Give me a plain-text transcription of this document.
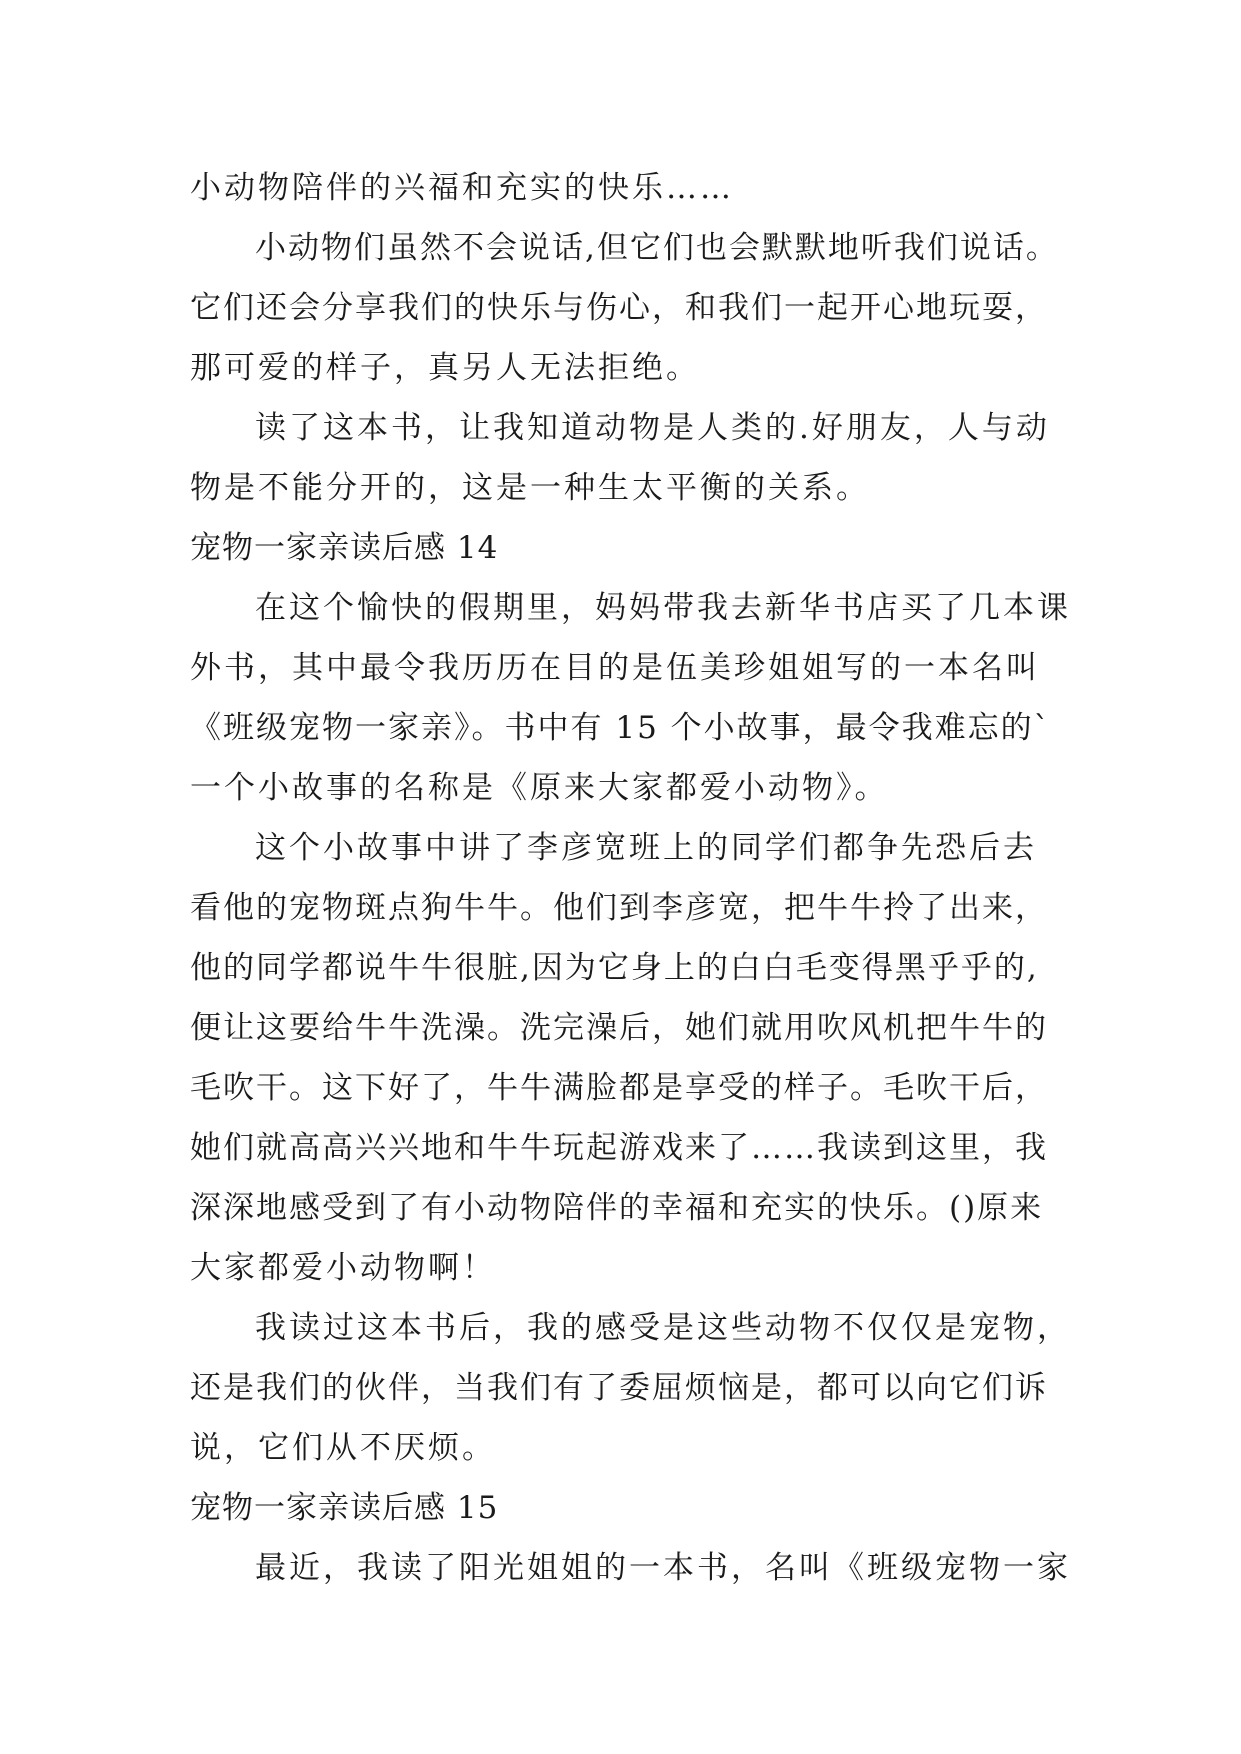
小动物陪伴的兴福和充实的快乐……
小动物们虽然不会说话,但它们也会默默地听我们说话。
它们还会分享我们的快乐与伤心，和我们一起开心地玩耍，
那可爱的样子，真另人无法拒绝。
读了这本书，让我知道动物是人类的.好朋友，人与动
物是不能分开的，这是一种生太平衡的关系。
宠物一家亲读后感 14
在这个愉快的假期里，妈妈带我去新华书店买了几本课
外书，其中最令我历历在目的是伍美珍姐姐写的一本名叫
《班级宠物一家亲》。书中有 15 个小故事，最令我难忘的`
一个小故事的名称是《原来大家都爱小动物》。
这个小故事中讲了李彦宽班上的同学们都争先恐后去
看他的宠物斑点狗牛牛。他们到李彦宽，把牛牛拎了出来，
他的同学都说牛牛很脏,因为它身上的白白毛变得黑乎乎的,
便让这要给牛牛洗澡。洗完澡后，她们就用吹风机把牛牛的
毛吹干。这下好了，牛牛满脸都是享受的样子。毛吹干后，
她们就高高兴兴地和牛牛玩起游戏来了……我读到这里，我
深深地感受到了有小动物陪伴的幸福和充实的快乐。()原来
大家都爱小动物啊！
我读过这本书后，我的感受是这些动物不仅仅是宠物，
还是我们的伙伴，当我们有了委屈烦恼是，都可以向它们诉
说，它们从不厌烦。
宠物一家亲读后感 15
最近，我读了阳光姐姐的一本书，名叫《班级宠物一家
